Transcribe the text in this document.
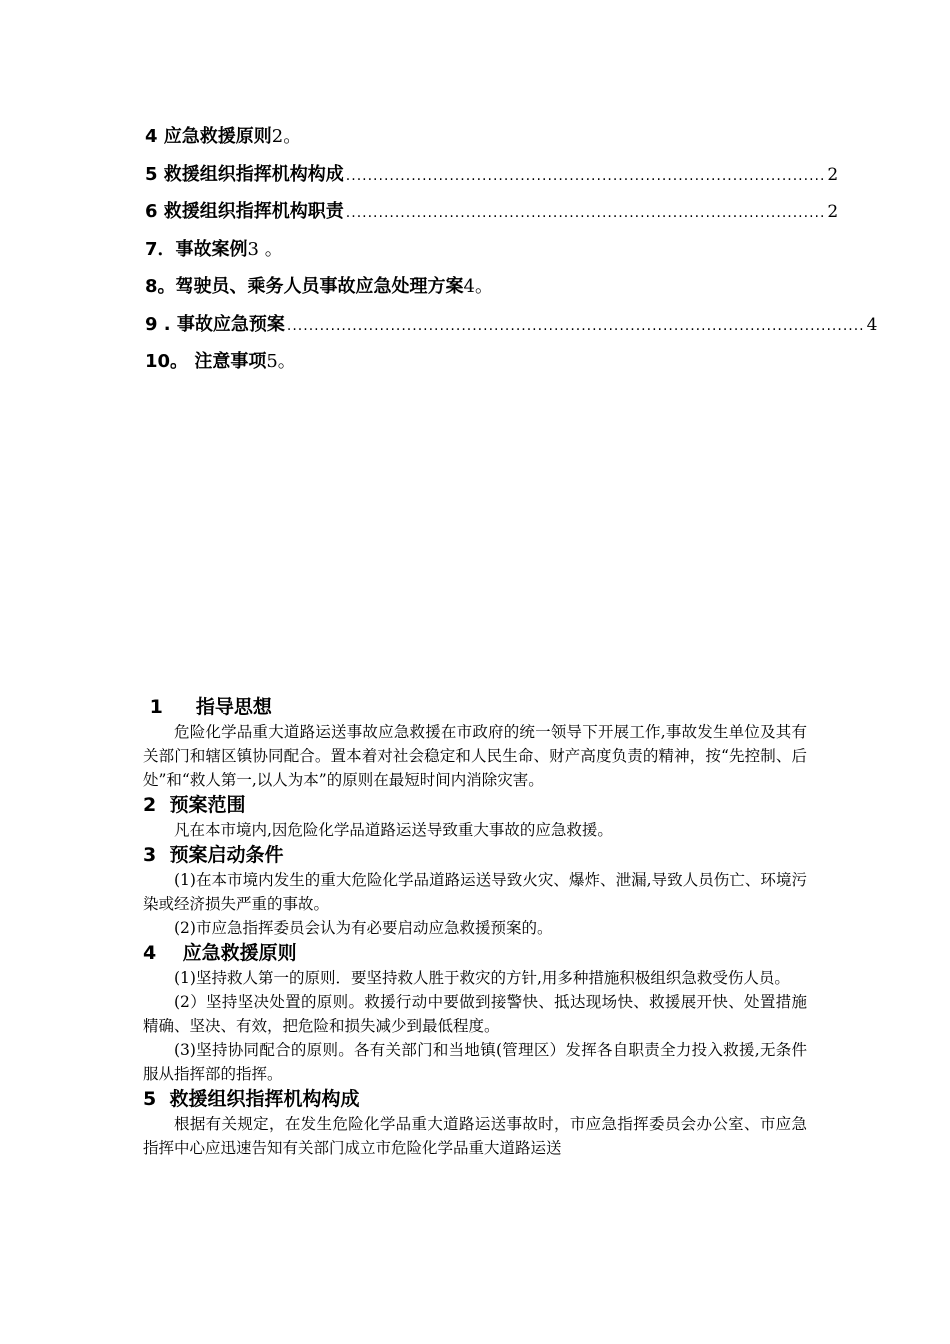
4 应急救援原则 2。
5 救援组织指挥机构构成 ........................................................................................ 2
6 救援组织指挥机构职责 ........................................................................................ 2
7．事故案例 3 。
8。驾驶员、乘务人员事故应急处理方案 4。
9 . 事故应急预案 .......................................................................................................... 4
10。 注意事项 5。
1     指导思想

危险化学品重大道路运送事故应急救援在市政府的统一领导下开展工作,事故发生单位及其有关部门和辖区镇协同配合。置本着对社会稳定和人民生命、财产高度负责的精神，按“先控制、后处”和“救人第一,以人为本”的原则在最短时间内消除灾害。

2  预案范围

凡在本市境内,因危险化学品道路运送导致重大事故的应急救援。

3  预案启动条件

(1)在本市境内发生的重大危险化学品道路运送导致火灾、爆炸、泄漏,导致人员伤亡、环境污染或经济损失严重的事故。

(2)市应急指挥委员会认为有必要启动应急救援预案的。

4    应急救援原则

(1)坚持救人第一的原则．要坚持救人胜于救灾的方针,用多种措施积极组织急救受伤人员。

(2）坚持坚决处置的原则。救援行动中要做到接警快、抵达现场快、救援展开快、处置措施精确、坚决、有效，把危险和损失减少到最低程度。

(3)坚持协同配合的原则。各有关部门和当地镇(管理区）发挥各自职责全力投入救援,无条件服从指挥部的指挥。

5  救援组织指挥机构构成

根据有关规定，在发生危险化学品重大道路运送事故时，市应急指挥委员会办公室、市应急指挥中心应迅速告知有关部门成立市危险化学品重大道路运送
